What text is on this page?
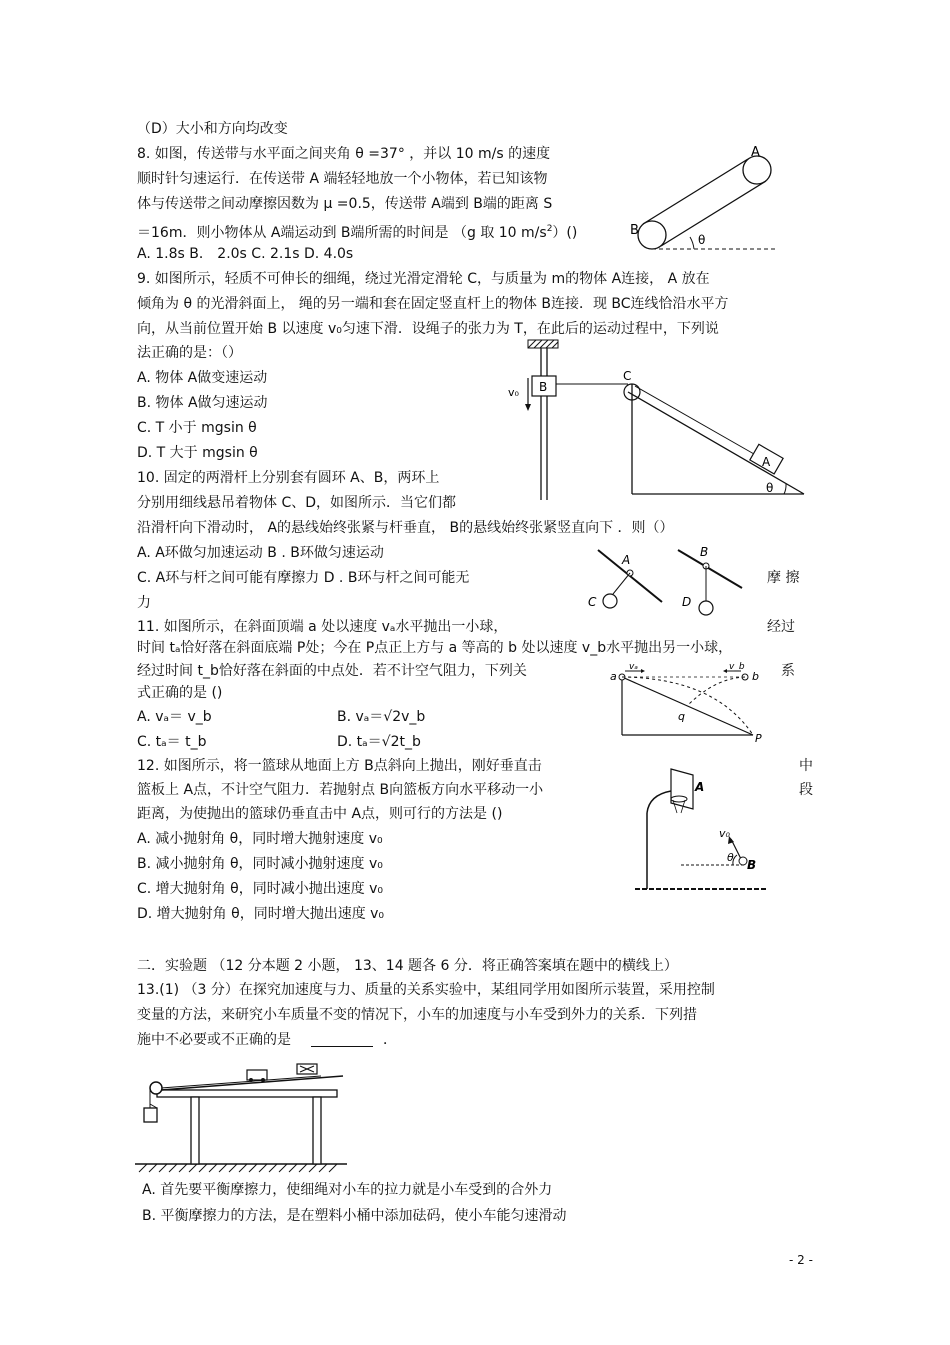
（D）大小和方向均改变
8. 如图，传送带与水平面之间夹角 θ =37° ，并以 10 m/s 的速度
顺时针匀速运行．在传送带 A 端轻轻地放一个小物体，若已知该物
体与传送带之间动摩擦因数为 μ =0.5，传送带 A端到 B端的距离 S
＝16m．则小物体从 A端运动到 B端所需的时间是 （g 取 10 $m/s^2)()$
A. 1.8s B． 2.0s C. 2.1s D. 4.0s
A
B
θ
9. 如图所示，轻质不可伸长的细绳，绕过光滑定滑轮 C，与质量为 m的物体 A连接， A 放在
倾角为 θ 的光滑斜面上， 绳的另一端和套在固定竖直杆上的物体 B连接．现 BC连线恰沿水平方
向，从当前位置开始 B 以速度 v₀匀速下滑．设绳子的张力为 T，在此后的运动过程中，下列说
法正确的是：（）
A. 物体 A做变速运动
B. 物体 A做匀速运动
C. T 小于 mgsin θ
D. T 大于 mgsin θ
B
v₀
C
A
θ
10. 固定的两滑杆上分别套有圆环 A、B，两环上
分别用细线悬吊着物体 C、D，如图所示．当它们都
沿滑杆向下滑动时， A的悬线始终张紧与杆垂直， B的悬线始终张紧竖直向下 ．则（）
A. A环做匀加速运动 B . B环做匀速运动
C. A环与杆之间可能有摩擦力 D . B环与杆之间可能无	摩 擦
力
A
C
B
D
11. 如图所示，在斜面顶端 a 处以速度 vₐ水平抛出一小球，	经过
时间 tₐ恰好落在斜面底端 P处；今在 P点正上方与 a 等高的 b 处以速度 v_b水平抛出另一小球，
经过时间 t_b恰好落在斜面的中点处．若不计空气阻力，下列关	系
式正确的是 ()
A. vₐ＝ v_b	B. vₐ＝√2v_b
C. tₐ＝ t_b	D. tₐ＝√2t_b
vₐ	v_b
a	b
q
P
12. 如图所示，将一篮球从地面上方 B点斜向上抛出，刚好垂直击	中
篮板上 A点，不计空气阻力．若抛射点 B向篮板方向水平移动一小	段
距离，为使抛出的篮球仍垂直击中 A点，则可行的方法是 ()
A. 减小抛射角 θ，同时增大抛射速度 v₀
B. 减小抛射角 θ，同时减小抛射速度 v₀
C. 增大抛射角 θ，同时减小抛出速度 v₀
D. 增大抛射角 θ，同时增大抛出速度 v₀
A
v₀
θ
B
二．实验题 （12 分本题 2 小题， 13、14 题各 6 分．将正确答案填在题中的横线上）
13.(1) （3 分）在探究加速度与力、质量的关系实验中，某组同学用如图所示装置，采用控制
变量的方法，来研究小车质量不变的情况下，小车的加速度与小车受到外力的关系．下列措
施中不必要或不正确的是	．
A. 首先要平衡摩擦力，使细绳对小车的拉力就是小车受到的合外力
B. 平衡摩擦力的方法，是在塑料小桶中添加砝码，使小车能匀速滑动
- 2 -
